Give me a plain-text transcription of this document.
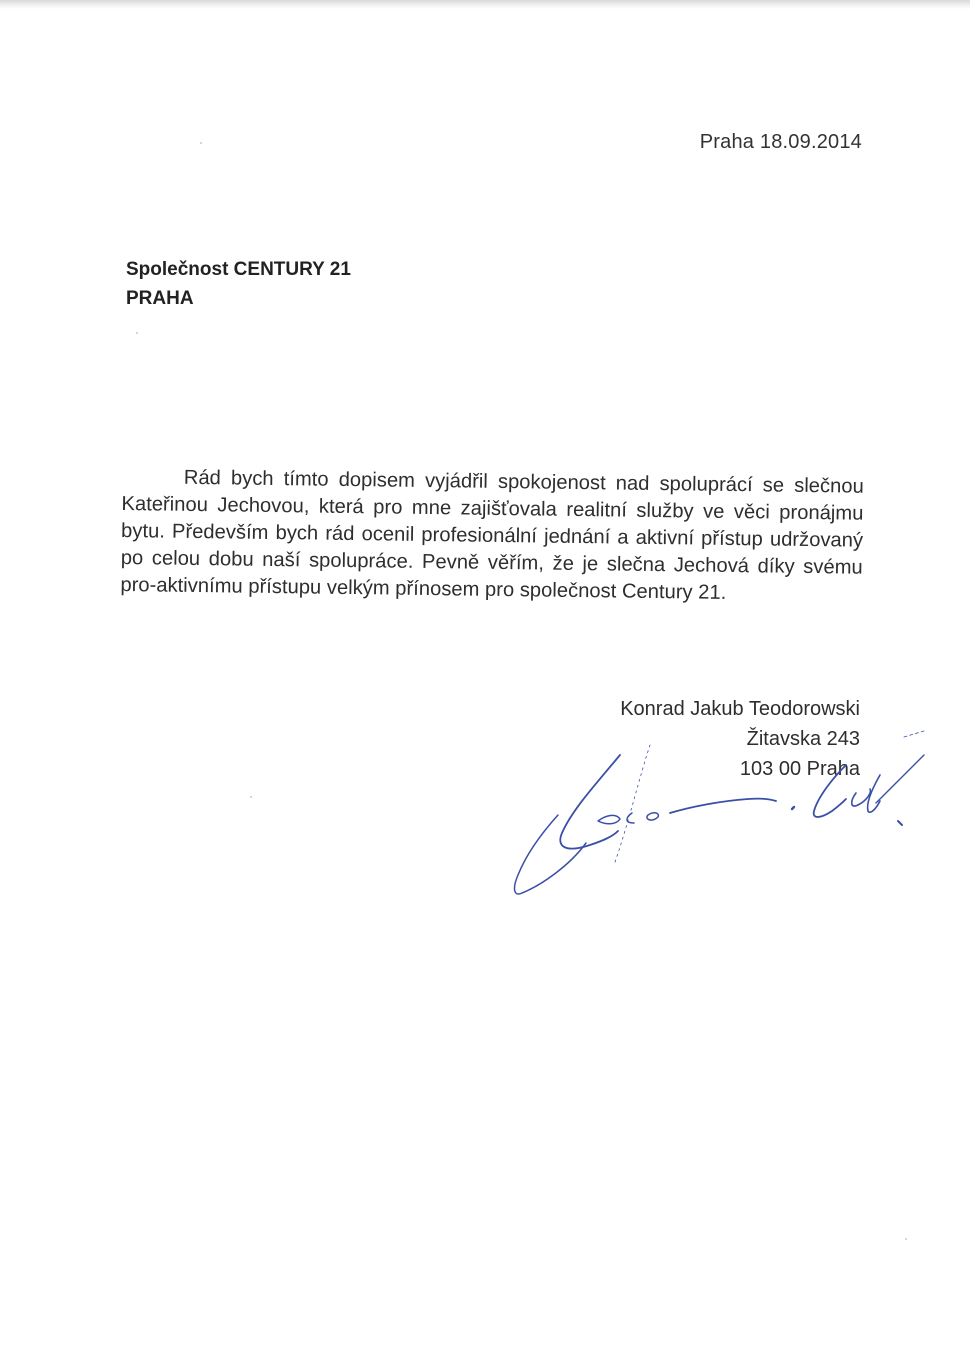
Praha 18.09.2014
Společnost CENTURY 21
PRAHA
Rád bych tímto dopisem vyjádřil spokojenost nad spoluprácí se slečnou Kateřinou Jechovou, která pro mne zajišťovala realitní služby ve věci pronájmu bytu. Především bych rád ocenil profesionální jednání a aktivní přístup udržovaný po celou dobu naší spolupráce. Pevně věřím, že je slečna Jechová díky svému pro-aktivnímu přístupu velkým přínosem pro společnost Century 21.
Konrad Jakub Teodorowski
Žitavska 243
103 00 Praha
